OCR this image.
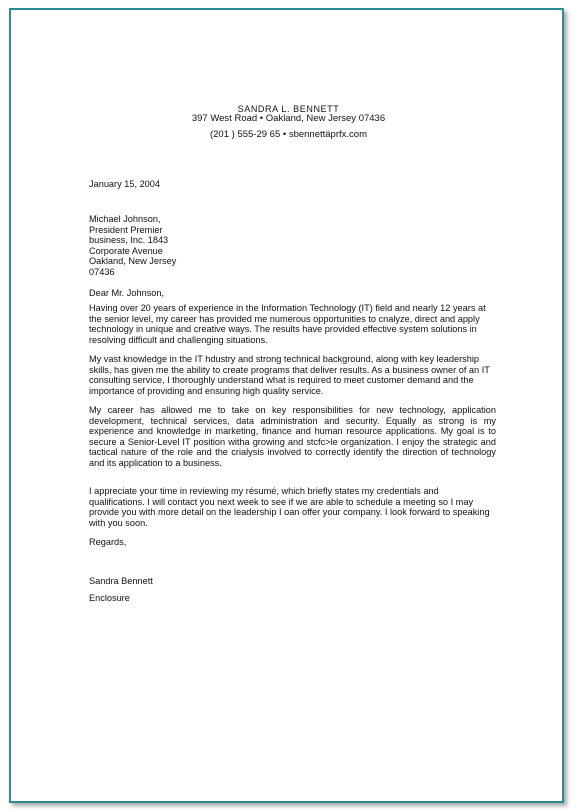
SANDRA L. BENNETT
397 West Road • Oakland, New Jersey 07436
(201 ) 555-29 65 • sbennettäprfx.com
January 15, 2004
Michael Johnson,
President Premier
business, Inc. 1843
Corporate Avenue
Oakland, New Jersey
07436
Dear Mr. Johnson,
Having over 20 years of experience in the Information Technology (IT) field and nearly 12 years at the senior level, my career has provided me numerous opportunities to cnalyze, direct and apply technology in unique and creative ways. The results have provided effective system solutions in resolving difficult and challenging situations.
My vast knowledge in the IT hdustry and strong technical background, along with key leadership skills, has given me the ability to create programs that deliver results. As a business owner of an IT consulting service, I thoroughly understand what is required to meet customer demand and the importance of providing and ensuring high quality service.
My career has allowed me to take on key responsibilities for new technology, application development, technical services, data administration and security. Equally as strong is my experience and knowledge in marketing, finance and human resource applications. My goal is to secure a Senior-Level IT position witha growing and stcfc>le organization. I enjoy the strategic and tactical nature of the role and the crialysis involved to correctly identify the direction of technology and its application to a business.
I appreciate your time in reviewing my résumé, which briefly states my credentials and qualifications. I will contact you next week to see if we are able to schedule a meeting so I may provide you with more detail on the leadership I oan offer your company. I look forward to speaking with you soon.
Regards,
Sandra Bennett
Enclosure
